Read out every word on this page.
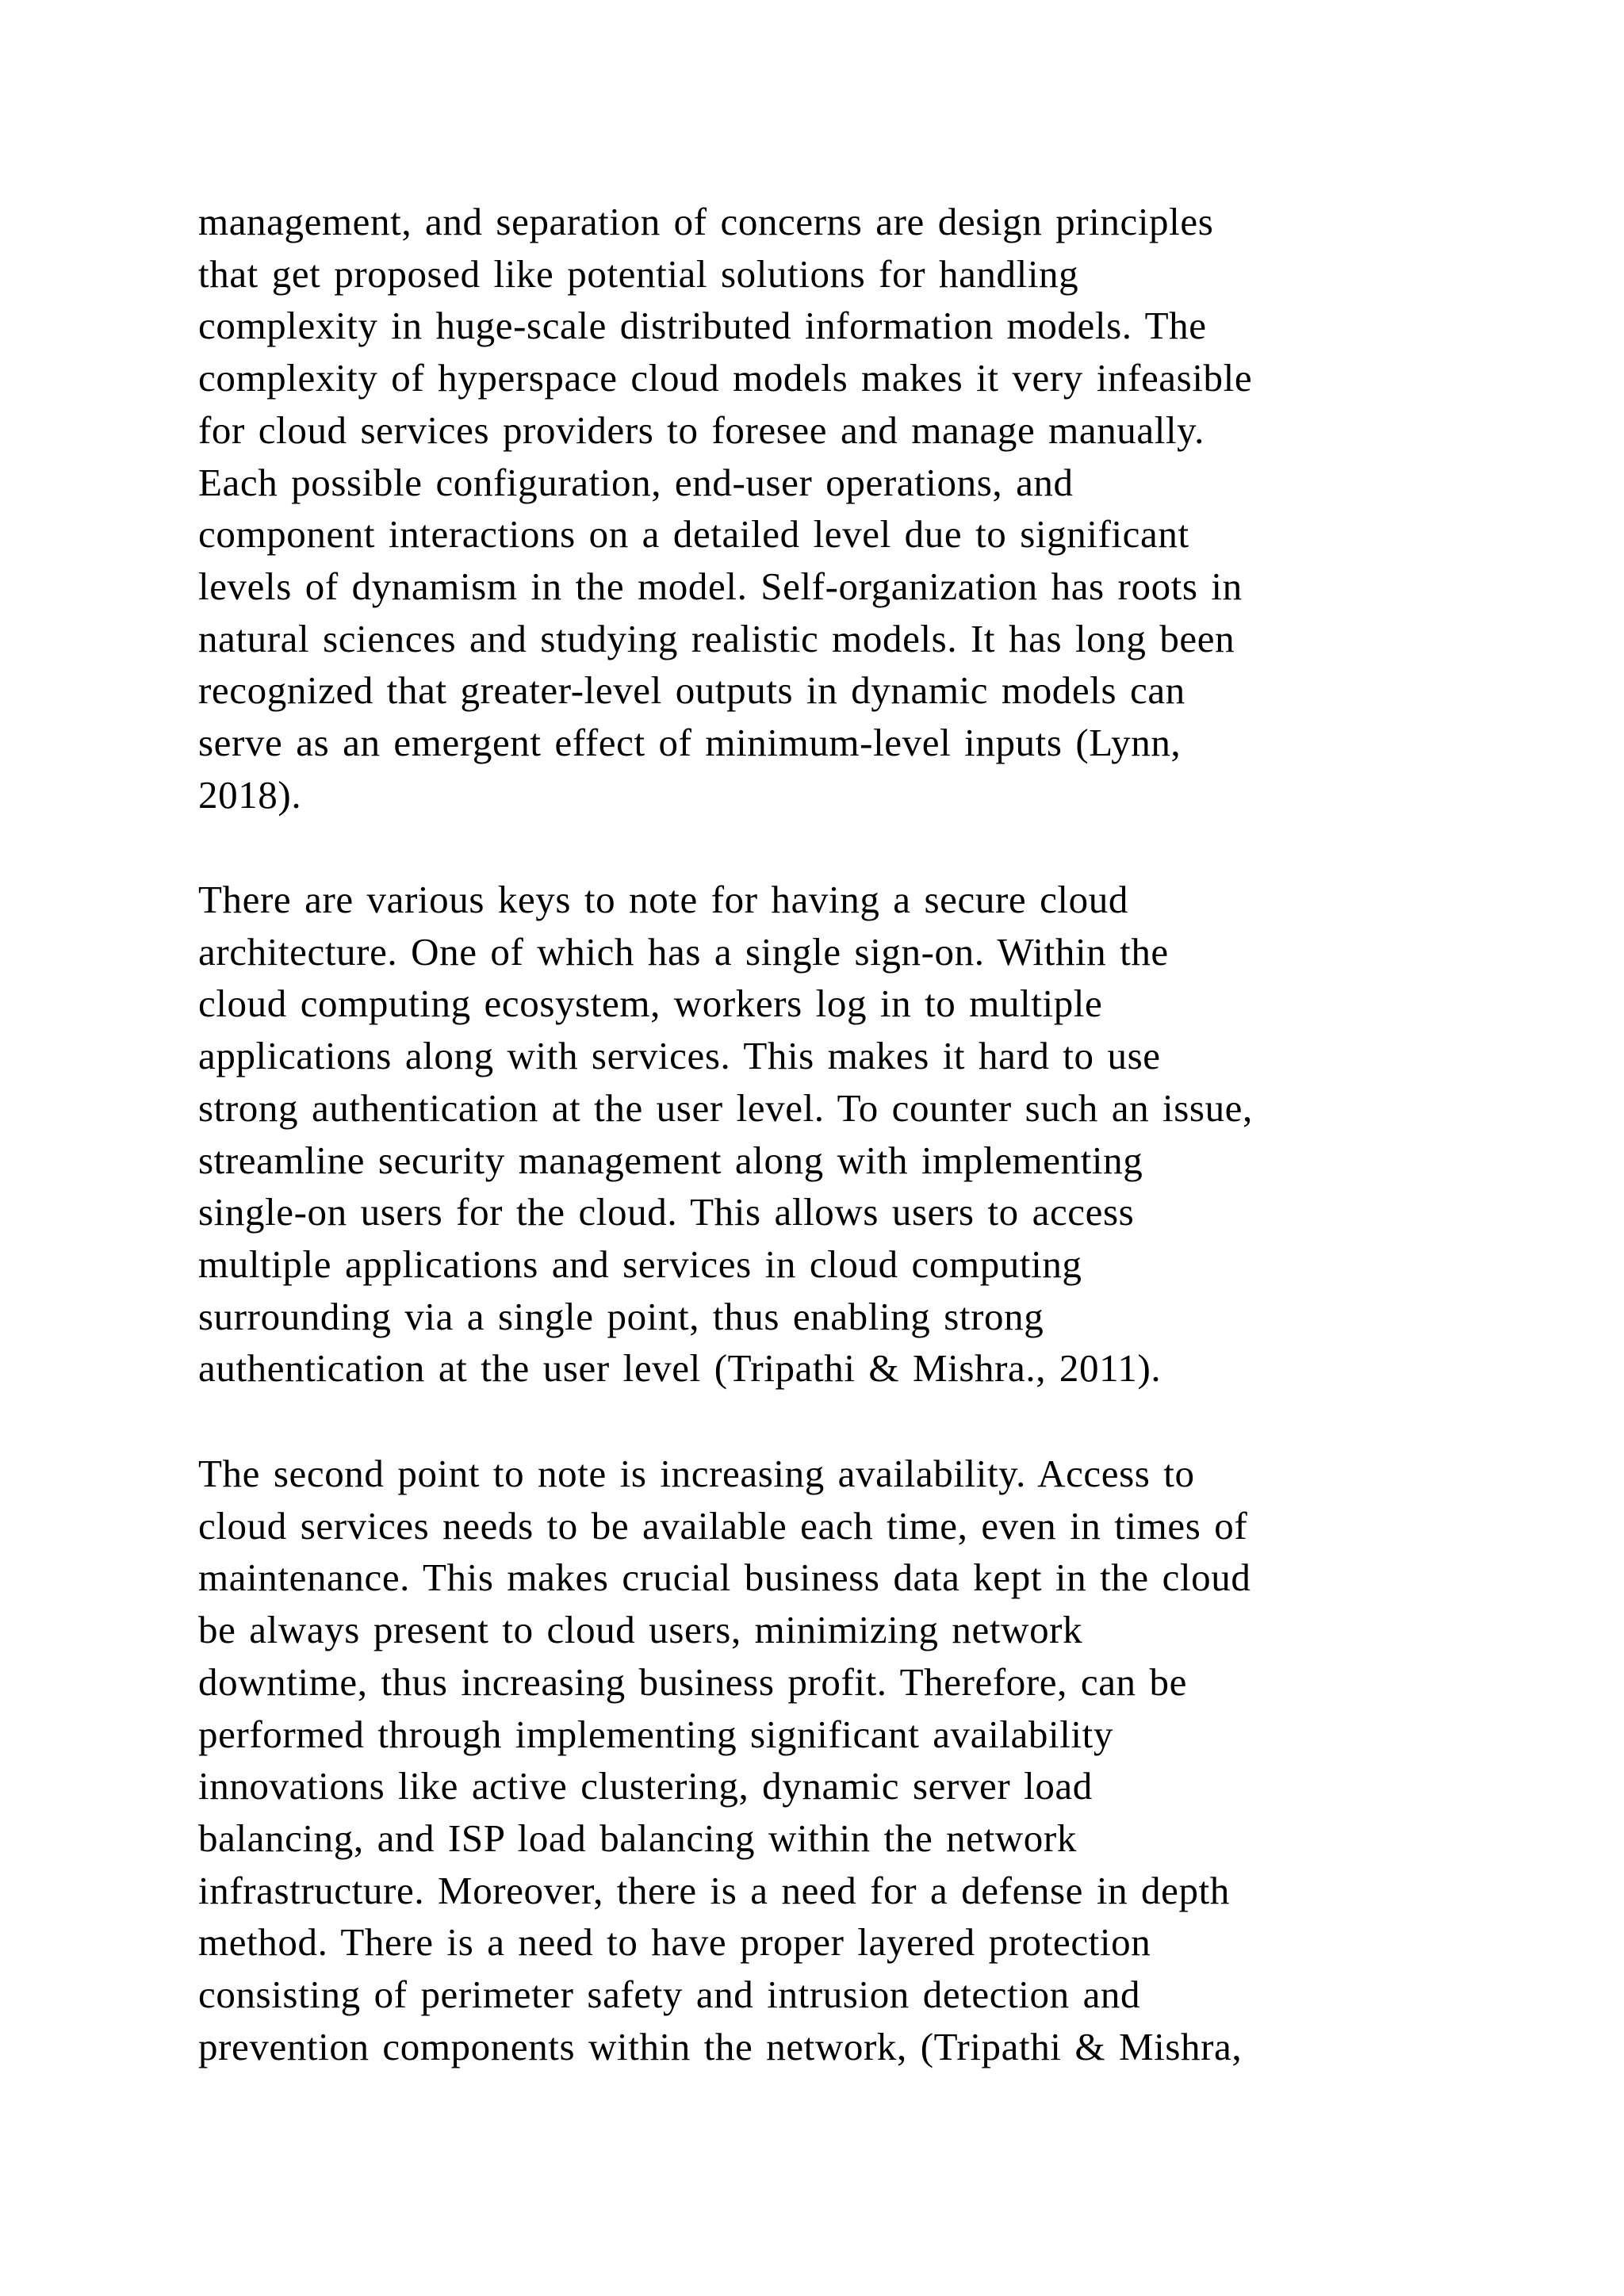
management, and separation of concerns are design principles
that get proposed like potential solutions for handling
complexity in huge-scale distributed information models. The
complexity of hyperspace cloud models makes it very infeasible
for cloud services providers to foresee and manage manually.
Each possible configuration, end-user operations, and
component interactions on a detailed level due to significant
levels of dynamism in the model. Self-organization has roots in
natural sciences and studying realistic models. It has long been
recognized that greater-level outputs in dynamic models can
serve as an emergent effect of minimum-level inputs (Lynn,
2018).
There are various keys to note for having a secure cloud
architecture. One of which has a single sign-on. Within the
cloud computing ecosystem, workers log in to multiple
applications along with services. This makes it hard to use
strong authentication at the user level. To counter such an issue,
streamline security management along with implementing
single-on users for the cloud. This allows users to access
multiple applications and services in cloud computing
surrounding via a single point, thus enabling strong
authentication at the user level (Tripathi & Mishra., 2011).
The second point to note is increasing availability. Access to
cloud services needs to be available each time, even in times of
maintenance. This makes crucial business data kept in the cloud
be always present to cloud users, minimizing network
downtime, thus increasing business profit. Therefore, can be
performed through implementing significant availability
innovations like active clustering, dynamic server load
balancing, and ISP load balancing within the network
infrastructure. Moreover, there is a need for a defense in depth
method. There is a need to have proper layered protection
consisting of perimeter safety and intrusion detection and
prevention components within the network, (Tripathi & Mishra,
